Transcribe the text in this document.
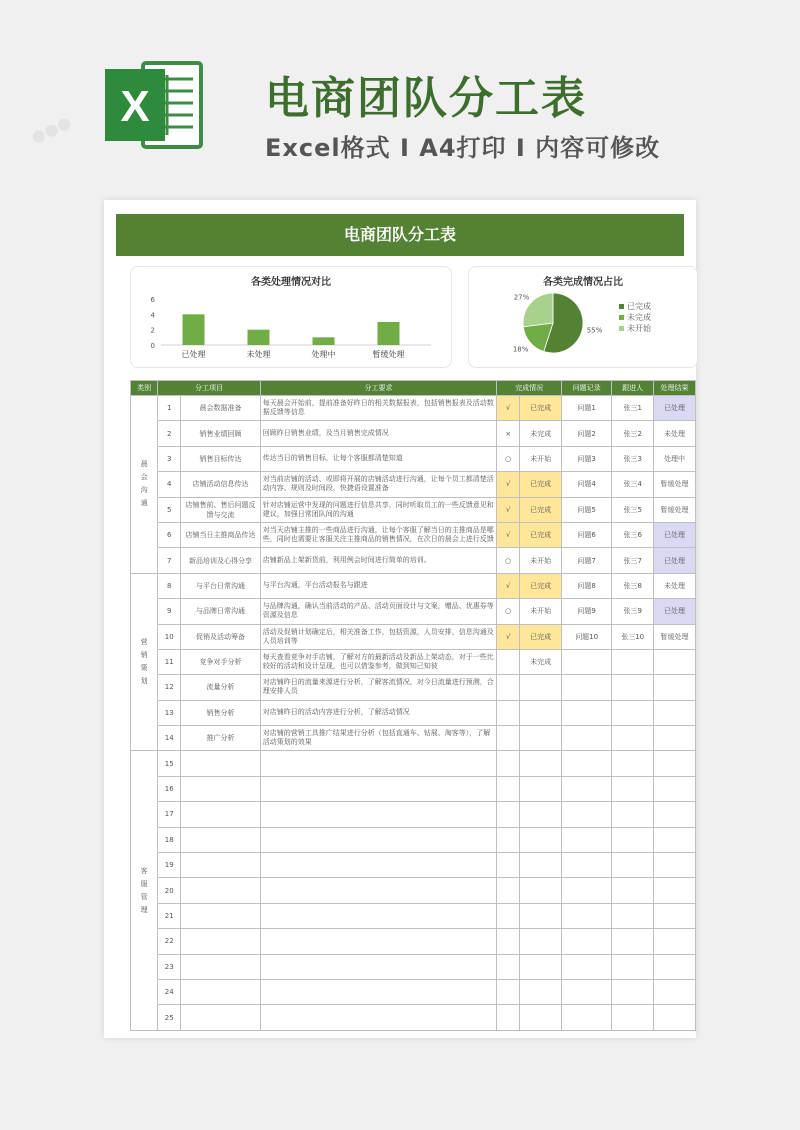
X	电商团队分工表
Excel格式 I A4打印 I 内容可修改
电商团队分工表
各类处理情况对比
0
2
4
6
已处理	未处理	处理中	暂缓处理
各类完成情况占比
55%
18%
27%
已完成
未完成
未开始
类别	分工项目		分工要求	完成情况		问题记录	跟进人	处理结果

晨会沟通	1	晨会数据准备	每天晨会开始前，提前准备好昨日的相关数据报表，包括销售报表及活动数据反馈等信息	√	已完成	问题1	张三1	已处理

	2	销售业绩回顾	回顾昨日销售业绩，及当月销售完成情况	×	未完成	问题2	张三2	未处理

	3	销售目标传达	传达当日的销售目标，让每个客服都清楚知道	○	未开始	问题3	张三3	处理中

	4	店铺活动信息传达	对当前店铺的活动、或即将开展的店铺活动进行沟通，让每个员工都清楚活动内容、规则及时间段，快捷语设置准备	√	已完成	问题4	张三4	暂缓处理

	5	店铺售前、售后问题反馈与交流	针对店铺运营中发现的问题进行信息共享，同时听取员工的一些反馈意见和建议，加强日常团队间的沟通	√	已完成	问题5	张三5	暂缓处理

	6	店铺当日主推商品传达	对当天店铺主推的一些商品进行沟通，让每个客服了解当日的主推商品是哪些，同时也需要让客服关注主推商品的销售情况，在次日的晨会上进行反馈	√	已完成	问题6	张三6	已处理

	7	新品培训及心得分享	店铺新品上架新货前，利用例会时间进行简单的培训。	○	未开始	问题7	张三7	已处理

营销策划	8	与平台日常沟通	与平台沟通，平台活动报名与跟进	√	已完成	问题8	张三8	未处理

	9	与品牌日常沟通	与品牌沟通，确认当前活动的产品、活动页面设计与文案，赠品、优惠券等资源及信息	○	未开始	问题9	张三9	已处理

	10	促销及活动筹备	活动及促销计划确定后，相关准备工作，包括资源，人员安排，信息沟通及人员培训等	√	已完成	问题10	张三10	暂缓处理

	11	竞争对手分析	每天查看竞争对手店铺，了解对方的最新活动及新品上架动态，对于一些比较好的活动和设计呈现，也可以借鉴参考，做到知己知彼		未完成			

	12	流量分析	对店铺昨日的流量来源进行分析，了解客流情况，对今日流量进行预测，合理安排人员					

	13	销售分析	对店铺昨日的活动内容进行分析，了解活动情况					

	14	推广分析	对店铺的营销工具推广结果进行分析（包括直通车、钻展、淘客等），了解活动策划的效果					

客服管理	15							

	16							

	17							

	18							

	19							

	20							

	21							

	22							

	23							

	24							

	25							

●●●
